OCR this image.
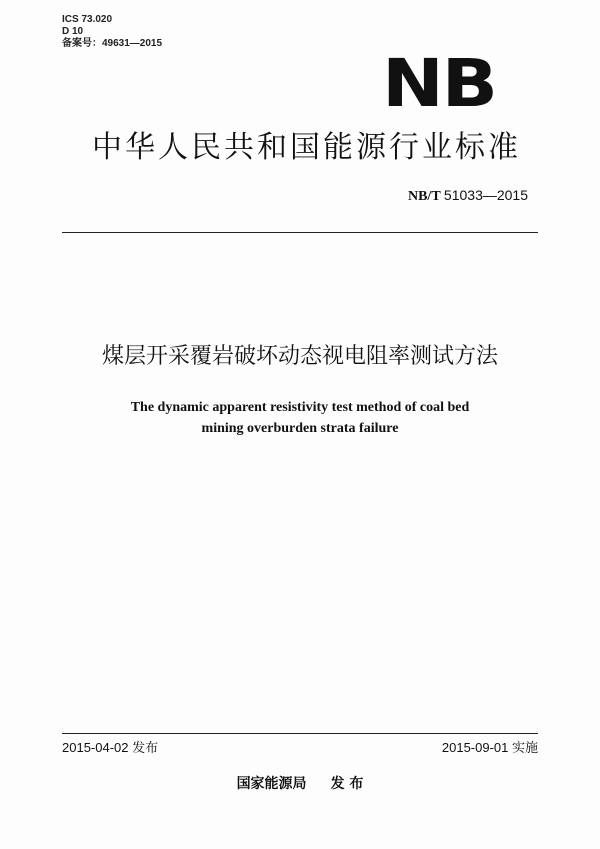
ICS 73.020
D 10
备案号：49631—2015
NB
中华人民共和国能源行业标准
NB/T 51033—2015
煤层开采覆岩破坏动态视电阻率测试方法
The dynamic apparent resistivity test method of coal bed
mining overburden strata failure
2015-04-02 发布	2015-09-01 实施
国家能源局 发 布
